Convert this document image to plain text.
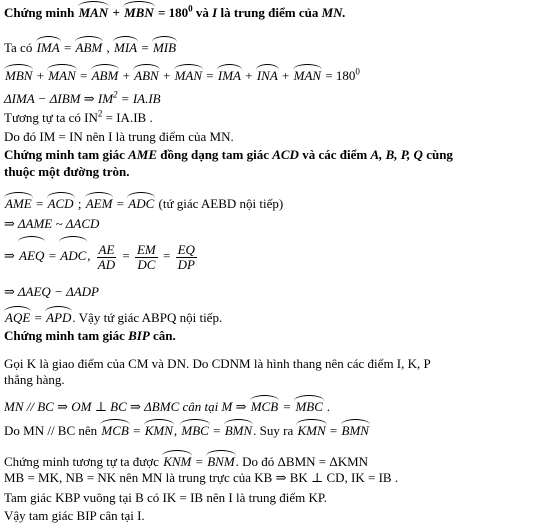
Chứng minh MAN + MBN = $180^0$ và I là trung điểm của MN.
Ta có IMA = ABM , MIA = MIB
MBN + MAN = ABM + ABN + MAN = IMA + INA + MAN = $180^0$
ΔIMA − ΔIBM ⇒ $IM^2 = IA.IB$
Tương tự ta có $IN^2 = IA.IB$ .
Do đó IM = IN nên I là trung điểm của MN.
Chứng minh tam giác AME đồng dạng tam giác ACD và các điểm A, B, P, Q cùng
thuộc một đường tròn.
AME = ACD ; AEM = ADC (tứ giác AEBD nội tiếp)
⇒ ΔAME ~ ΔACD
⇒ AEQ = ADC, $\frac{AE}{AD} = \frac{EM}{DC} = \frac{EQ}{DP}$
⇒ ΔAEQ − ΔADP
AQE = APD. Vậy tứ giác ABPQ nội tiếp.
Chứng minh tam giác BIP cân.
Gọi K là giao điểm của CM và DN. Do CDNM là hình thang nên các điểm I, K, P
thẳng hàng.
MN // BC ⇒ OM ⊥ BC ⇒ ΔBMC cân tại M ⇒ MCB = MBC .
Do MN // BC nên MCB = KMN, MBC = BMN. Suy ra KMN = BMN
Chứng minh tương tự ta được KNM = BNM. Do đó ΔBMN = ΔKMN
MB = MK, NB = NK nên MN là trung trực của KB ⇒ BK ⊥ CD, IK = IB .
Tam giác KBP vuông tại B có IK = IB nên I là trung điểm KP.
Vậy tam giác BIP cân tại I.
